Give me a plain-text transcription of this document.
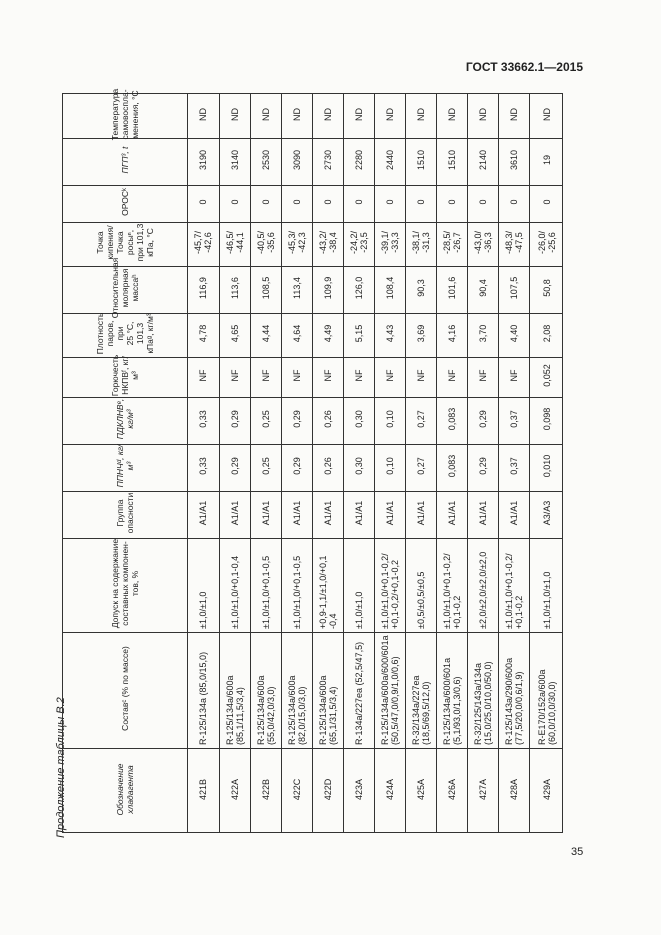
ГОСТ 33662.1—2015
Продолжение таблицы В.2	Обозначение
хладагента
Составᶜ (% по массе)
Допуск на содержание
составных компонен-
тов, %
Группа опасности
ППНЧᵈ, кг/м³
ПДКЛНВᵉ, кг/м³
Горючесть НКПВᶠ, кг/м³
Плотность паров, при
25 °С, 101,3 кПаᵍ, кг/м³
Относительная молярная
массаʰ
Точка кипения/Точка
росыⁿ, при 101,3 кПа, °С
ОРОСᵏ
ПГП³, t
Температура самовоспла-
менения, °С
421B
R-125/134a (85,0/15,0)
±1,0/±1,0
A1/A1
0,33
0,33
NF
4,78
116,9
-45,7/
-42,6
0
3190
ND
422A
R-125/134a/600a
(85,1/11,5/3,4)
±1,0/±1,0/+0,1-0,4
A1/A1
0,29
0,29
NF
4,65
113,6
-46,5/
-44,1
0
3140
ND
422B
R-125/134a/600a
(55,0/42,0/3,0)
±1,0/±1,0/+0,1-0,5
A1/A1
0,25
0,25
NF
4,44
108,5
-40,5/
-35,6
0
2530
ND
422C
R-125/134a/600a
(82,0/15,0/3,0)
±1,0/±1,0/+0,1-0,5
A1/A1
0,29
0,29
NF
4,64
113,4
-45,3/
-42,3
0
3090
ND
422D
R-125/134a/600a
(65,1/31,5/3,4)
+0,9-1,1/±1,0/+0,1
-0,4
A1/A1
0,26
0,26
NF
4,49
109,9
-43,2/
-38,4
0
2730
ND
423A
R-134a/227ea (52,5/47,5)
±1,0/±1,0
A1/A1
0,30
0,30
NF
5,15
126,0
-24,2/
-23,5
0
2280
ND
424A
R-125/134a/600a/600/601a
(50,5/47,0/0,9/1,0/0,6)
±1,0/±1,0/+0,1-0,2/
+0,1-0,2/+0,1-0,2
A1/A1
0,10
0,10
NF
4,43
108,4
-39,1/
-33,3
0
2440
ND
425A
R-32/134a/227ea
(18,5/69,5/12,0)
±0,5/±0,5/±0,5
A1/A1
0,27
0,27
NF
3,69
90,3
-38,1/
-31,3
0
1510
ND
426A
R-125/134a/600/601a
(5,1/93,0/1,3/0,6)
±1,0/±1,0/+0,1-0,2/
+0,1-0,2
A1/A1
0,083
0,083
NF
4,16
101,6
-28,5/
-26,7
0
1510
ND
427A
R-32/125/143a/134a
(15,0/25,0/10,0/50,0)
±2,0/±2,0/±2,0/±2,0
A1/A1
0,29
0,29
NF
3,70
90,4
-43,0/
-36,3
0
2140
ND
428A
R-125/143a/290/600a
(77,5/20,0/0,6/1,9)
±1,0/±1,0/+0,1-0,2/
+0,1-0,2
A1/A1
0,37
0,37
NF
4,40
107,5
-48,3/
-47,5
0
3610
ND
429A
R-E170/152a/600a
(60,0/10,0/30,0)
±1,0/±1,0/±1,0
A3/A3
0,010
0,098
0,052
2,08
50,8
-26,0/
-25,6
0
19
ND
35
